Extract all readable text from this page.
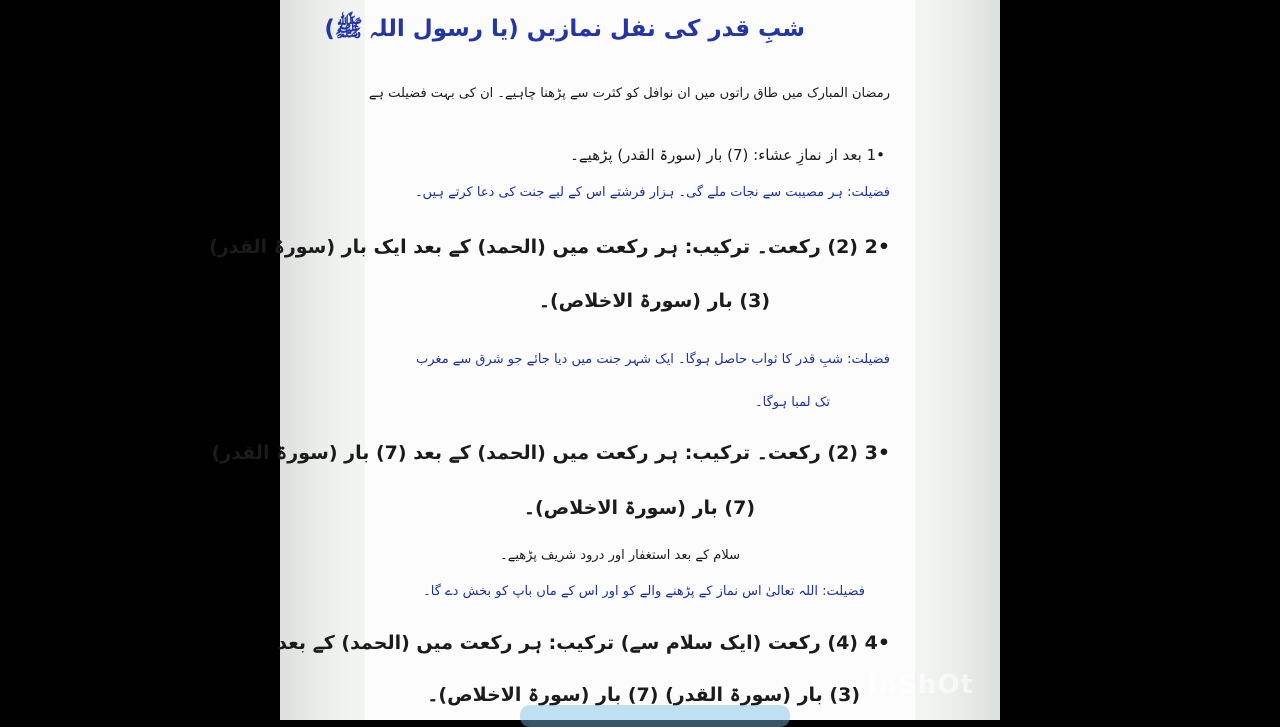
شبِ قدر کی نفل نمازیں (یا رسول اللہ ﷺ)
رمضان المبارک میں طاق راتوں میں ان نوافل کو کثرت سے پڑھنا چاہیے۔ ان کی بہت فضیلت ہے
•1 بعد از نمازِ عشاء: (7) بار (سورۃ القدر) پڑھیے۔
فضیلت: ہر مصیبت سے نجات ملے گی۔ ہزار فرشتے اس کے لیے جنت کی دعا کرتے ہیں۔
•2 (2) رکعت۔ ترکیب: ہر رکعت میں (الحمد) کے بعد ایک بار (سورۃ القدر)
(3) بار (سورۃ الاخلاص)۔
فضیلت: شبِ قدر کا ثواب حاصل ہوگا۔ ایک شہر جنت میں دیا جائے جو شرق سے مغرب
تک لمبا ہوگا۔
•3 (2) رکعت۔ ترکیب: ہر رکعت میں (الحمد) کے بعد (7) بار (سورۃ القدر)
(7) بار (سورۃ الاخلاص)۔
سلام کے بعد استغفار اور درود شریف پڑھیے۔
فضیلت: اللہ تعالیٰ اس نماز کے پڑھنے والے کو اور اس کے ماں باپ کو بخش دے گا۔
•4 (4) رکعت (ایک سلام سے) ترکیب: ہر رکعت میں (الحمد) کے بعد
(3) بار (سورۃ القدر) (7) بار (سورۃ الاخلاص)۔ InShOt
